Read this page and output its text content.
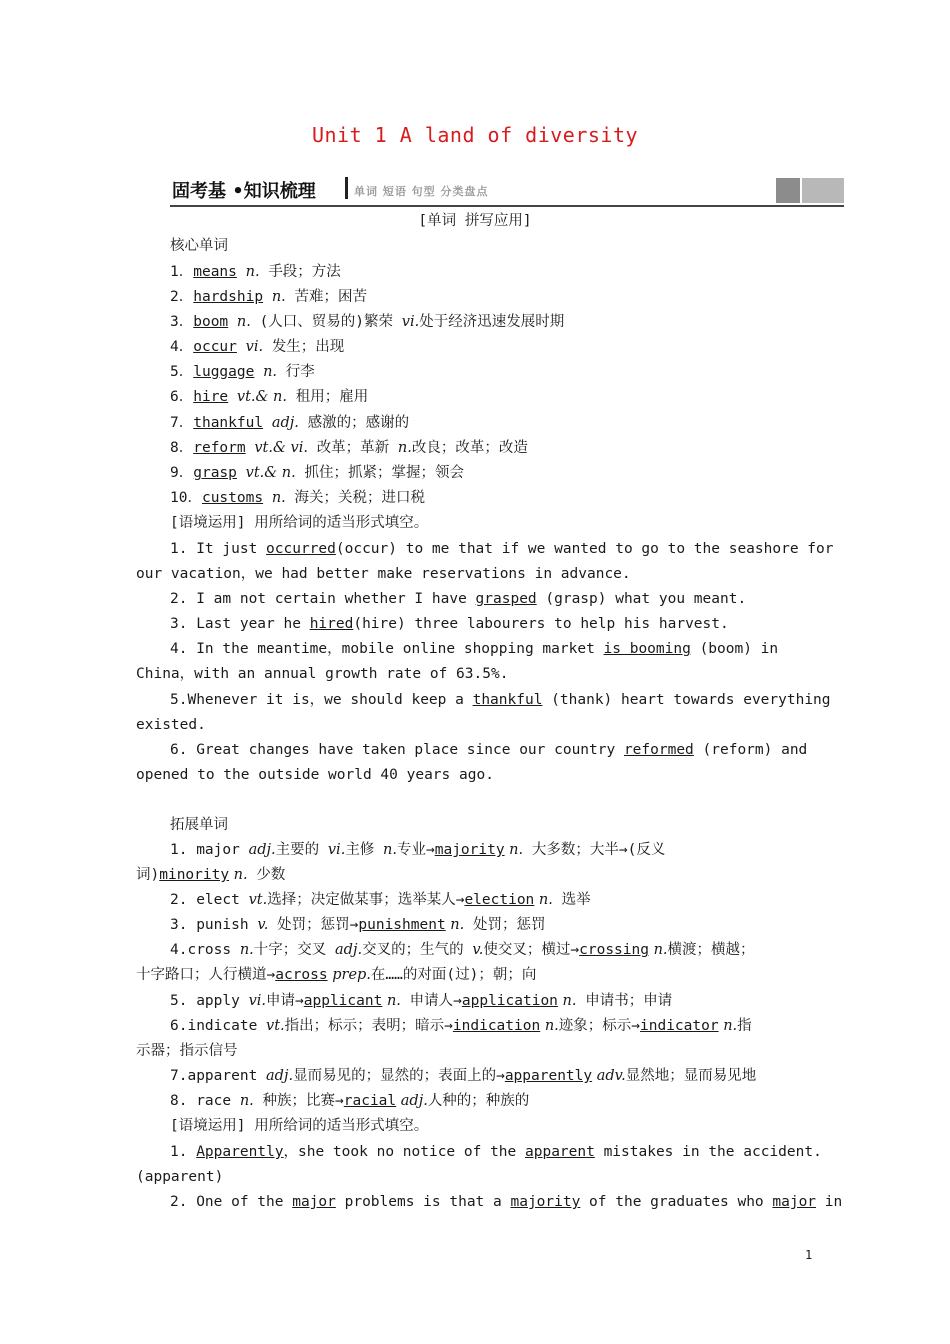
Unit 1 A land of diversity
固考基 •知识梳理	单词 短语 句型 分类盘点
[单词 拼写应用]
核心单词
1．means n. 手段；方法
2．hardship n. 苦难；困苦
3．boom n. (人口、贸易的)繁荣 vi.处于经济迅速发展时期
4．occur vi. 发生；出现
5．luggage n. 行李
6．hire vt.& n. 租用；雇用
7．thankful adj. 感激的；感谢的
8．reform vt.& vi. 改革；革新 n.改良；改革；改造
9．grasp vt.& n. 抓住；抓紧；掌握；领会
10．customs n. 海关；关税；进口税
[语境运用] 用所给词的适当形式填空。
1. It just occurred(occur) to me that if we wanted to go to the seashore for
our vacation，we had better make reservations in advance.
2. I am not certain whether I have grasped (grasp) what you meant.
3. Last year he hired(hire) three labourers to help his harvest.
4. In the meantime，mobile online shopping market is booming (boom) in
China，with an annual growth rate of 63.5%.
5.Whenever it is，we should keep a thankful (thank) heart towards everything
existed.
6. Great changes have taken place since our country reformed (reform) and
opened to the outside world 40 years ago.
拓展单词
1. major adj.主要的 vi.主修 n.专业→majority n. 大多数；大半→(反义
词)minority n. 少数
2. elect vt.选择；决定做某事；选举某人→election n. 选举
3. punish v. 处罚；惩罚→punishment n. 处罚；惩罚
4.cross n.十字；交叉 adj.交叉的；生气的 v.使交叉；横过→crossing n.横渡；横越；
十字路口；人行横道→across prep.在……的对面(过)；朝；向
5. apply vi.申请→applicant n. 申请人→application n. 申请书；申请
6.indicate vt.指出；标示；表明；暗示→indication n.迹象；标示→indicator n.指
示器；指示信号
7.apparent adj.显而易见的；显然的；表面上的→apparently adv.显然地；显而易见地
8. race n. 种族；比赛→racial adj.人种的；种族的
[语境运用] 用所给词的适当形式填空。
1. Apparently，she took no notice of the apparent mistakes in the accident.
(apparent)
2. One of the major problems is that a majority of the graduates who major in
1
